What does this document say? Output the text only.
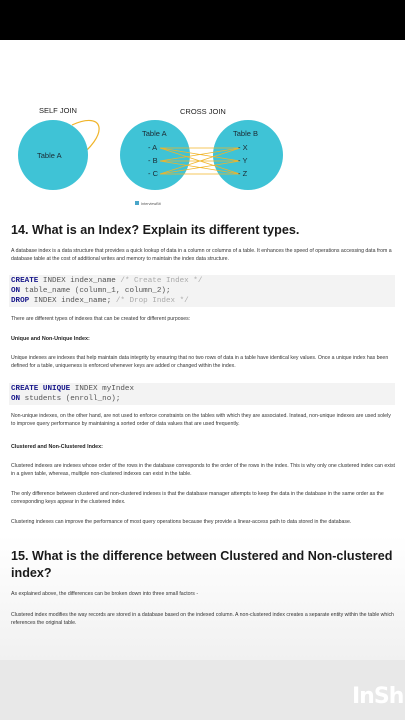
SELF JOIN
Table A
CROSS JOIN
Table A	Table B
- A
- B
- C
- X
- Y
- Z
InterviewBit
14. What is an Index? Explain its different types.
A database index is a data structure that provides a quick lookup of data in a column or columns of a table. It enhances the speed of operations accessing data from a database table at the cost of additional writes and memory to maintain the index data structure.
CREATE INDEX index_name /* Create Index */
ON table_name (column_1, column_2);
DROP INDEX index_name; /* Drop Index */
There are different types of indexes that can be created for different purposes:
Unique and Non-Unique Index:
Unique indexes are indexes that help maintain data integrity by ensuring that no two rows of data in a table have identical key values. Once a unique index has been defined for a table, uniqueness is enforced whenever keys are added or changed within the index.
CREATE UNIQUE INDEX myIndex
ON students (enroll_no);
Non-unique indexes, on the other hand, are not used to enforce constraints on the tables with which they are associated. Instead, non-unique indexes are used solely to improve query performance by maintaining a sorted order of data values that are used frequently.
Clustered and Non-Clustered Index:
Clustered indexes are indexes whose order of the rows in the database corresponds to the order of the rows in the index. This is why only one clustered index can exist in a given table, whereas, multiple non-clustered indexes can exist in the table.
The only difference between clustered and non-clustered indexes is that the database manager attempts to keep the data in the database in the same order as the corresponding keys appear in the clustered index.
Clustering indexes can improve the performance of most query operations because they provide a linear-access path to data stored in the database.
15. What is the difference between Clustered and Non-clustered index?
As explained above, the differences can be broken down into three small factors -
Clustered index modifies the way records are stored in a database based on the indexed column. A non-clustered index creates a separate entity within the table which references the original table.
InSh
